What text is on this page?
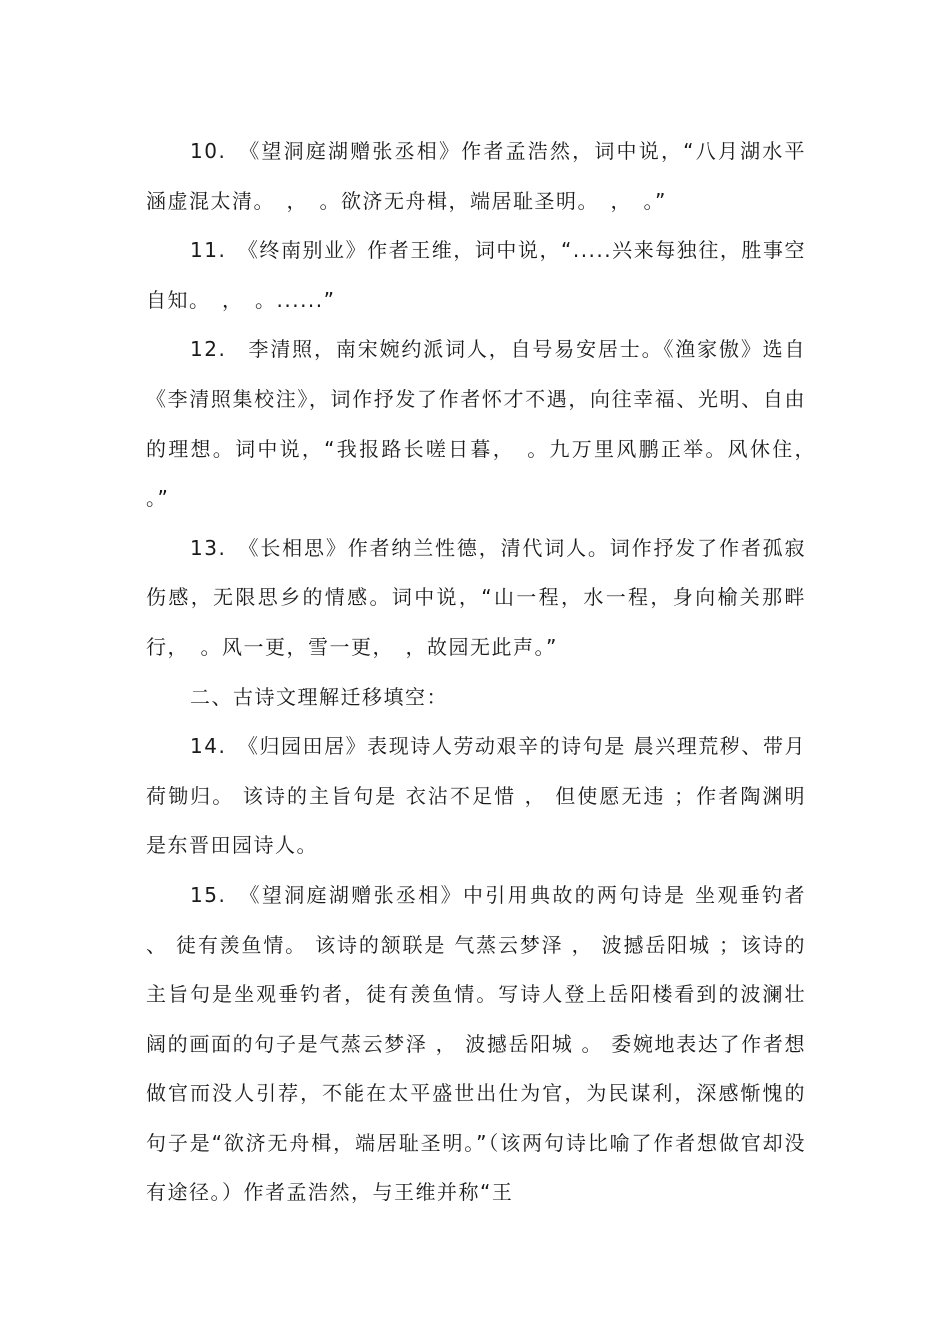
10.　《望洞庭湖赠张丞相》作者孟浩然，词中说，“八月湖水平涵虚混太清。　，　。欲济无舟楫，端居耻圣明。　，　。”

11.　《终南别业》作者王维，词中说，“.....兴来每独往，胜事空自知。　，　。......”

12.　李清照，南宋婉约派词人，自号易安居士。《渔家傲》选自《李清照集校注》，词作抒发了作者怀才不遇，向往幸福、光明、自由的理想。词中说，“我报路长嗟日暮，　。九万里风鹏正举。风休住，　。”

13.　《长相思》作者纳兰性德，清代词人。词作抒发了作者孤寂伤感，无限思乡的情感。词中说，“山一程，水一程，身向榆关那畔行，　。风一更，雪一更，　，故园无此声。”

二、古诗文理解迁移填空：

14.　《归园田居》表现诗人劳动艰辛的诗句是 晨兴理荒秽、带月荷锄归。 该诗的主旨句是 衣沾不足惜 ， 但使愿无违 ；作者陶渊明是东晋田园诗人。

15.　《望洞庭湖赠张丞相》中引用典故的两句诗是 坐观垂钓者 、 徒有羡鱼情。 该诗的颔联是 气蒸云梦泽 ， 波撼岳阳城 ；该诗的主旨句是坐观垂钓者，徒有羡鱼情。写诗人登上岳阳楼看到的波澜壮阔的画面的句子是气蒸云梦泽 ， 波撼岳阳城 。 委婉地表达了作者想做官而没人引荐，不能在太平盛世出仕为官，为民谋利，深感惭愧的句子是“欲济无舟楫，端居耻圣明。”（该两句诗比喻了作者想做官却没有途径。）作者孟浩然，与王维并称“王
